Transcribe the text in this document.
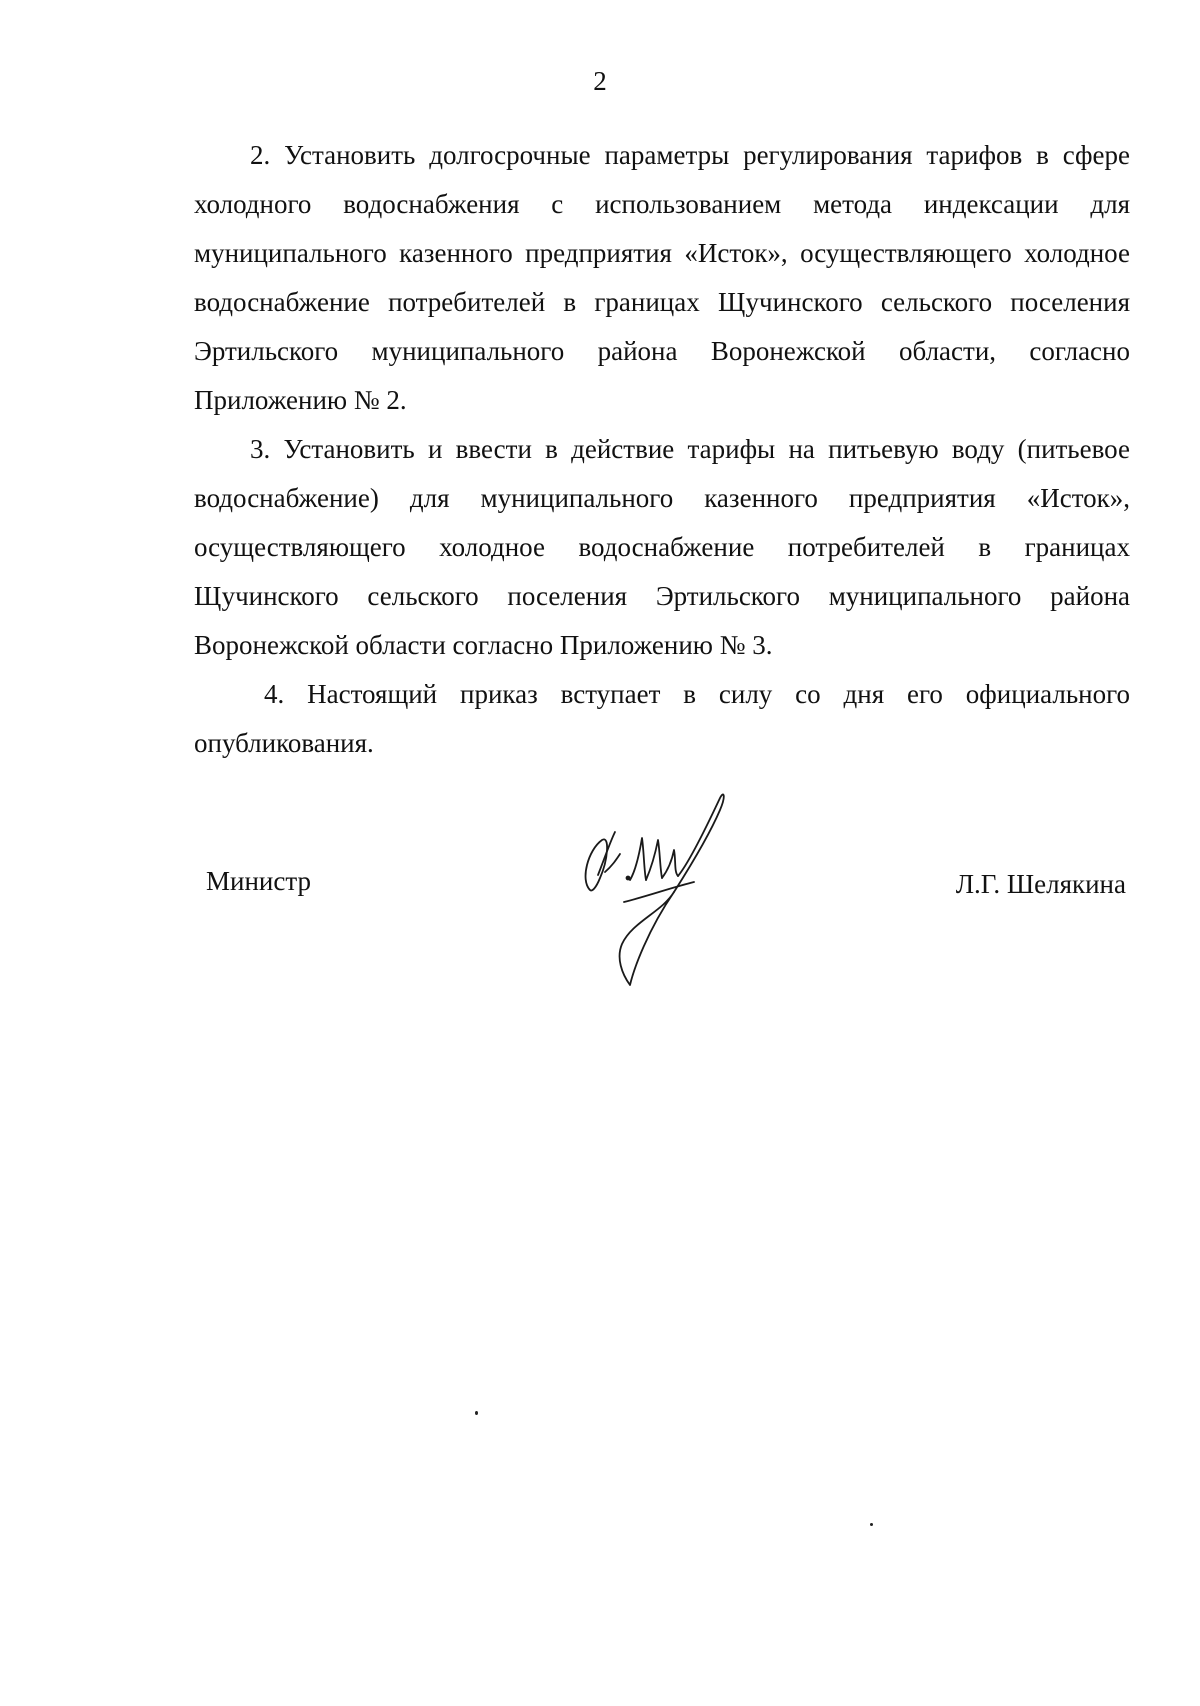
2

2. Установить долгосрочные параметры регулирования тарифов в сфере холодного водоснабжения с использованием метода индексации для муниципального казенного предприятия «Исток», осуществляющего холодное водоснабжение потребителей в границах Щучинского сельского поселения Эртильского муниципального района Воронежской области, согласно Приложению № 2.

3. Установить и ввести в действие тарифы на питьевую воду (питьевое водоснабжение) для муниципального казенного предприятия «Исток», осуществляющего холодное водоснабжение потребителей в границах Щучинского сельского поселения Эртильского муниципального района Воронежской области согласно Приложению № 3.

4. Настоящий приказ вступает в силу со дня его официального опубликования.

Министр	Л.Г. Шелякина
